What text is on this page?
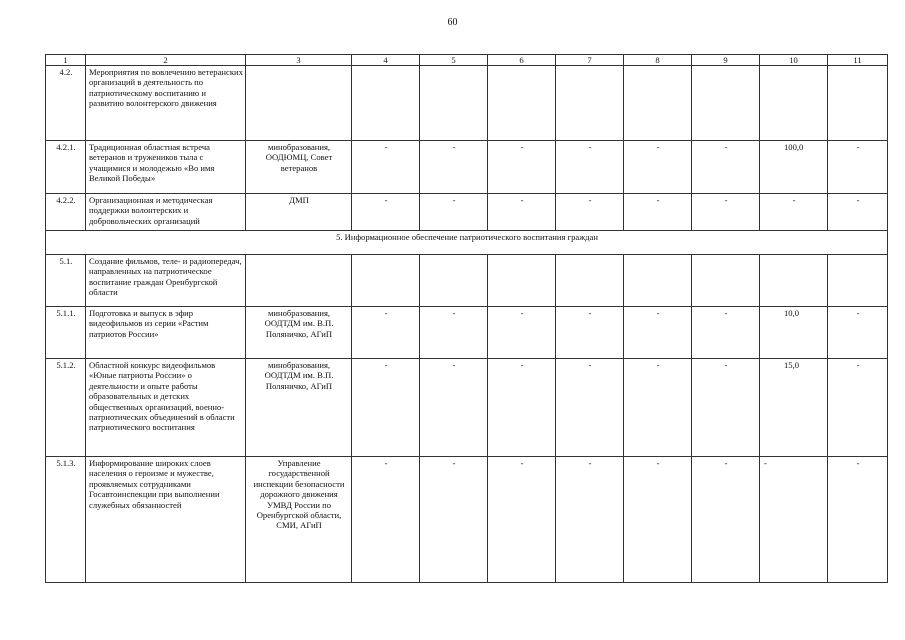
60
1	2	3	4	5	6	7	8	9	10	11
4.2.	Мероприятия по вовлечению ветеранских организаций в деятельность по патриотическому воспитанию и развитию волонтерского движения									
4.2.1.	Традиционная областная встреча ветеранов и тружеников тыла с учащимися и молодежью «Во имя Великой Победы»	минобразования, ООДЮМЦ, Совет ветеранов	-	-	-	-	-	-	100,0	-
4.2.2.	Организационная и методическая поддержки волонтерских и добровольческих организаций	ДМП	-	-	-	-	-	-	-	-
5. Информационное обеспечение патриотического воспитания граждан										
5.1.	Создание фильмов, теле- и радиопередач, направленных на патриотическое воспитание граждан Оренбургской области									
5.1.1.	Подготовка и выпуск в эфир видеофильмов из серии «Растим патриотов России»	минобразования, ООДТДМ им. В.П. Поляничко, АГиП	-	-	-	-	-	-	10,0	-
5.1.2.	Областной конкурс видеофильмов «Юные патриоты России» о деятельности и опыте работы образовательных и детских общественных организаций, военно-патриотических объединений в области патриотического воспитания	минобразования, ООДТДМ им. В.П. Поляничко, АГиП	-	-	-	-	-	-	15,0	-
5.1.3.	Информирование широких слоев населения о героизме и мужестве, проявляемых сотрудниками Госавтоинспекции при выполнении служебных обязанностей	Управление государственной инспекции безопасности дорожного движения УМВД России по Оренбургской области, СМИ, АГиП	-	-	-	-	-	-	-	-
